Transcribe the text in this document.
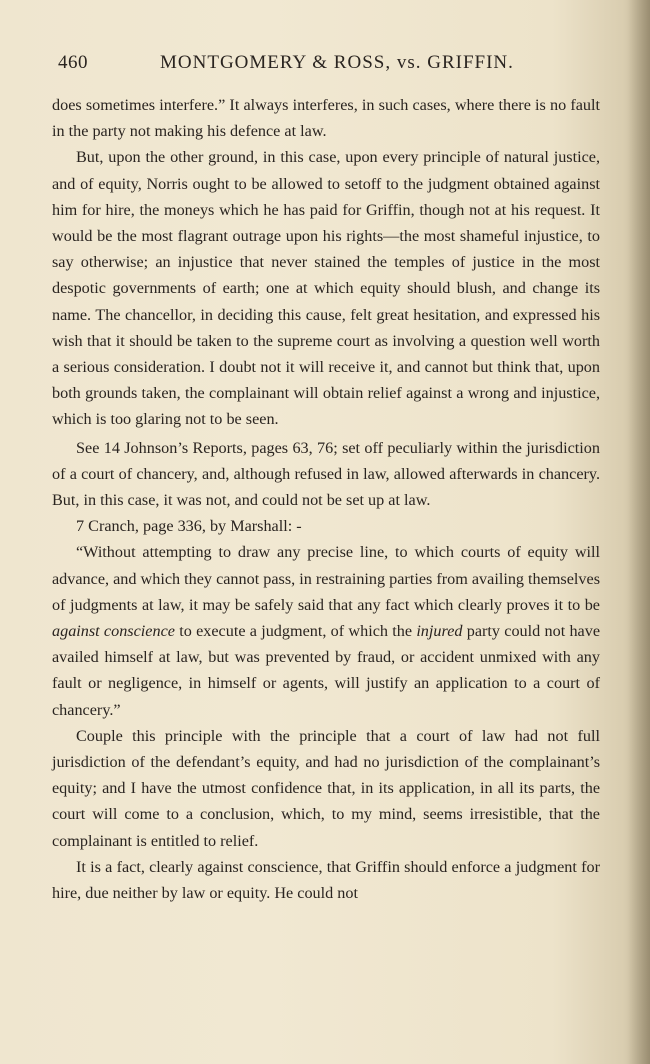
460	MONTGOMERY & ROSS, vs. GRIFFIN.

does sometimes interfere.” It always interferes, in such cases, where there is no fault in the party not making his defence at law.

But, upon the other ground, in this case, upon every principle of natural justice, and of equity, Norris ought to be allowed to setoff to the judgment obtained against him for hire, the moneys which he has paid for Griffin, though not at his request. It would be the most flagrant outrage upon his rights—the most shameful injustice, to say otherwise; an injustice that never stained the temples of justice in the most despotic governments of earth; one at which equity should blush, and change its name. The chancellor, in deciding this cause, felt great hesitation, and expressed his wish that it should be taken to the supreme court as involving a question well worth a serious consideration. I doubt not it will receive it, and cannot but think that, upon both grounds taken, the complainant will obtain relief against a wrong and injustice, which is too glaring not to be seen.

See 14 Johnson’s Reports, pages 63, 76; set off peculiarly within the jurisdiction of a court of chancery, and, although refused in law, allowed afterwards in chancery. But, in this case, it was not, and could not be set up at law.

7 Cranch, page 336, by Marshall: -

“Without attempting to draw any precise line, to which courts of equity will advance, and which they cannot pass, in restraining parties from availing themselves of judgments at law, it may be safely said that any fact which clearly proves it to be against conscience to execute a judgment, of which the injured party could not have availed himself at law, but was prevented by fraud, or accident unmixed with any fault or negligence, in himself or agents, will justify an application to a court of chancery.”

Couple this principle with the principle that a court of law had not full jurisdiction of the defendant’s equity, and had no jurisdiction of the complainant’s equity; and I have the utmost confidence that, in its application, in all its parts, the court will come to a conclusion, which, to my mind, seems irresistible, that the complainant is entitled to relief.

It is a fact, clearly against conscience, that Griffin should enforce a judgment for hire, due neither by law or equity. He could not
